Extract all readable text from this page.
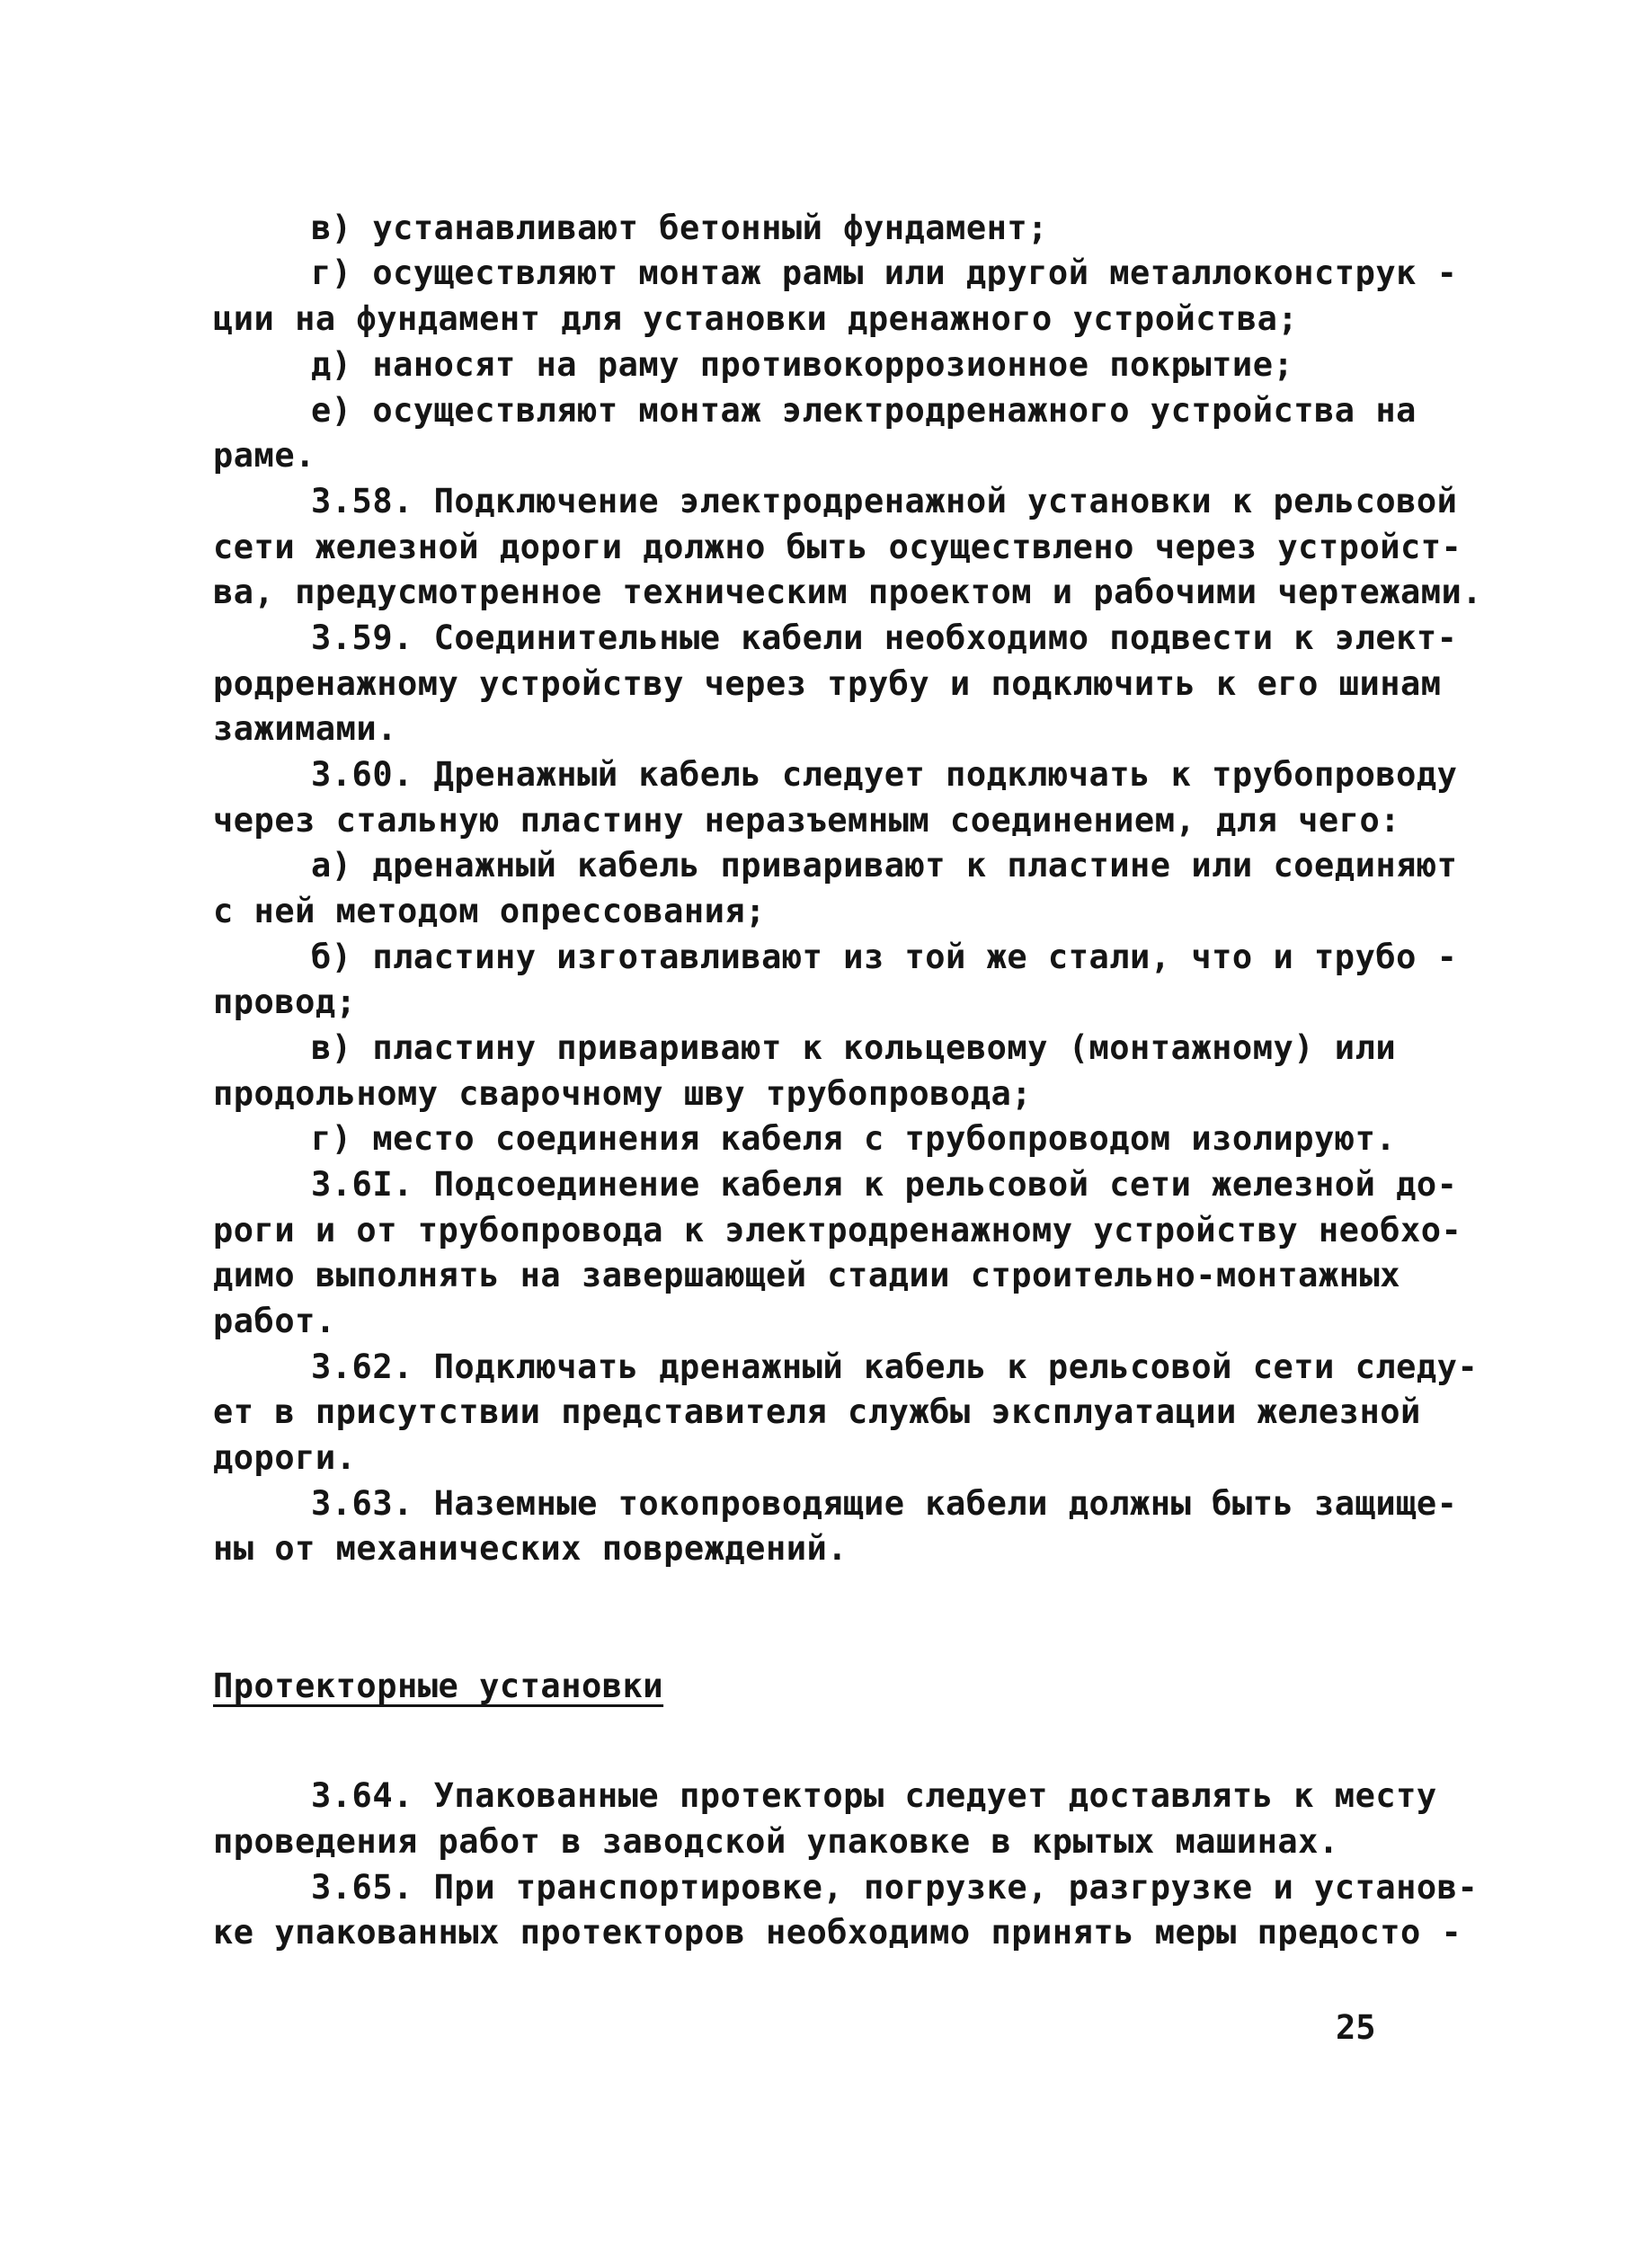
в) устанавливают бетонный фундамент;
г) осуществляют монтаж рамы или другой металлоконструк -
ции на фундамент для установки дренажного устройства;
д) наносят на раму противокоррозионное покрытие;
е) осуществляют монтаж электродренажного устройства на
раме.
3.58. Подключение электродренажной установки к рельсовой
сети железной дороги должно быть осуществлено через устройст-
ва, предусмотренное техническим проектом и рабочими чертежами.
3.59. Соединительные кабели необходимо подвести к элект-
родренажному устройству через трубу и подключить к его шинам
зажимами.
3.60. Дренажный кабель следует подключать к трубопроводу
через стальную пластину неразъемным соединением, для чего:
а) дренажный кабель приваривают к пластине или соединяют
с ней методом опрессования;
б) пластину изготавливают из той же стали, что и трубо -
провод;
в) пластину приваривают к кольцевому (монтажному) или
продольному сварочному шву трубопровода;
г) место соединения кабеля с трубопроводом изолируют.
3.6I. Подсоединение кабеля к рельсовой сети железной до-
роги и от трубопровода к электродренажному устройству необхо-
димо выполнять на завершающей стадии строительно-монтажных
работ.
3.62. Подключать дренажный кабель к рельсовой сети следу-
ет в присутствии представителя службы эксплуатации железной
дороги.
3.63. Наземные токопроводящие кабели должны быть защище-
ны от механических повреждений.
Протекторные установки
3.64. Упакованные протекторы следует доставлять к месту
проведения работ в заводской упаковке в крытых машинах.
3.65. При транспортировке, погрузке, разгрузке и установ-
ке упакованных протекторов необходимо принять меры предосто -
25
